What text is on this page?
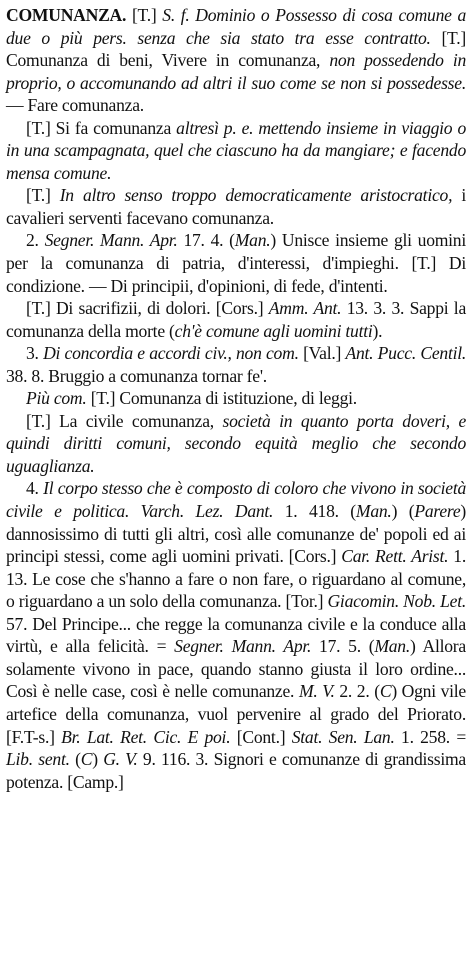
COMUNANZA. [T.] S. f. Dominio o Possesso di cosa comune a due o più pers. senza che sia stato tra esse contratto. [T.] Comunanza di beni, Vivere in comunanza, non possedendo in proprio, o accomunando ad altri il suo come se non si possedesse. — Fare comunanza.

[T.] Si fa comunanza altresì p. e. mettendo insieme in viaggio o in una scampagnata, quel che ciascuno ha da mangiare; e facendo mensa comune.

[T.] In altro senso troppo democraticamente aristocratico, i cavalieri serventi facevano comunanza.

2. Segner. Mann. Apr. 17. 4. (Man.) Unisce insieme gli uomini per la comunanza di patria, d'interessi, d'impieghi. [T.] Di condizione. — Di principii, d'opinioni, di fede, d'intenti.

[T.] Di sacrifizii, di dolori. [Cors.] Amm. Ant. 13. 3. 3. Sappi la comunanza della morte (ch'è comune agli uomini tutti).

3. Di concordia e accordi civ., non com. [Val.] Ant. Pucc. Centil. 38. 8. Bruggio a comunanza tornar fe'.

Più com. [T.] Comunanza di istituzione, di leggi.

[T.] La civile comunanza, società in quanto porta doveri, e quindi diritti comuni, secondo equità meglio che secondo uguaglianza.

4. Il corpo stesso che è composto di coloro che vivono in società civile e politica. Varch. Lez. Dant. 1. 418. (Man.) (Parere) dannosissimo di tutti gli altri, così alle comunanze de' popoli ed ai principi stessi, come agli uomini privati. [Cors.] Car. Rett. Arist. 1. 13. Le cose che s'hanno a fare o non fare, o riguardano al comune, o riguardano a un solo della comunanza. [Tor.] Giacomin. Nob. Let. 57. Del Principe... che regge la comunanza civile e la conduce alla virtù, e alla felicità. = Segner. Mann. Apr. 17. 5. (Man.) Allora solamente vivono in pace, quando stanno giusta il loro ordine... Così è nelle case, così è nelle comunanze. M. V. 2. 2. (C) Ogni vile artefice della comunanza, vuol pervenire al grado del Priorato. [F.T-s.] Br. Lat. Ret. Cic. E poi. [Cont.] Stat. Sen. Lan. 1. 258. = Lib. sent. (C) G. V. 9. 116. 3. Signori e comunanze di grandissima potenza. [Camp.]
